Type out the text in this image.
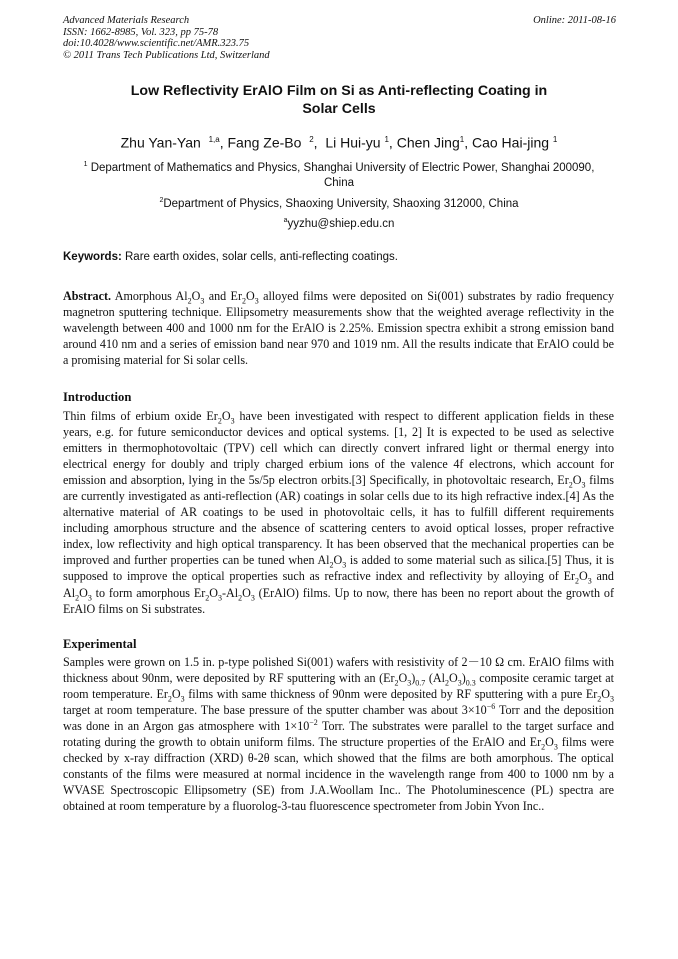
Advanced Materials Research
ISSN: 1662-8985, Vol. 323, pp 75-78
doi:10.4028/www.scientific.net/AMR.323.75
© 2011 Trans Tech Publications Ltd, Switzerland
Online: 2011-08-16
Low Reflectivity ErAlO Film on Si as Anti-reflecting Coating in
Solar Cells
Zhu Yan-Yan $^{1,a}$, Fang Ze-Bo $^2$,  Li Hui-yu $^1$, Chen Jing$^1$, Cao Hai-jing $^1$
$^1$ Department of Mathematics and Physics, Shanghai University of Electric Power, Shanghai 200090, China
$^2$Department of Physics, Shaoxing University, Shaoxing 312000, China
$^a$yyzhu@shiep.edu.cn
Keywords: Rare earth oxides, solar cells, anti-reflecting coatings.
Abstract. Amorphous $Al_2O_3$ and $Er_2O_3$ alloyed films were deposited on Si(001) substrates by radio frequency magnetron sputtering technique. Ellipsometry measurements show that the weighted average reflectivity in the wavelength between 400 and 1000 nm for the ErAlO is 2.25%. Emission spectra exhibit a strong emission band around 410 nm and a series of emission band near 970 and 1019 nm. All the results indicate that ErAlO could be a promising material for Si solar cells.
Introduction
Thin films of erbium oxide $Er_2O_3$ have been investigated with respect to different application fields in these years, e.g. for future semiconductor devices and optical systems. [1, 2] It is expected to be used as selective emitters in thermophotovoltaic (TPV) cell which can directly convert infrared light or thermal energy into electrical energy for doubly and triply charged erbium ions of the valence 4f electrons, which account for emission and absorption, lying in the 5s/5p electron orbits.[3] Specifically, in photovoltaic research, $Er_2O_3$ films are currently investigated as anti-reflection (AR) coatings in solar cells due to its high refractive index.[4] As the alternative material of AR coatings to be used in photovoltaic cells, it has to fulfill different requirements including amorphous structure and the absence of scattering centers to avoid optical losses, proper refractive index, low reflectivity and high optical transparency. It has been observed that the mechanical properties can be improved and further properties can be tuned when $Al_2O_3$ is added to some material such as silica.[5] Thus, it is supposed to improve the optical properties such as refractive index and reflectivity by alloying of $Er_2O_3$ and $Al_2O_3$ to form amorphous $Er_2O_3-Al_2O_3$ (ErAlO) films. Up to now, there has been no report about the growth of ErAlO films on Si substrates.
Experimental
Samples were grown on 1.5 in. p-type polished Si(001) wafers with resistivity of 2－10 Ω cm. ErAlO films with thickness about 90nm, were deposited by RF sputtering with an $(Er_2O_3)_{0.7}$ $(Al_2O_3)_{0.3}$ composite ceramic target at room temperature. $Er_2O_3$ films with same thickness of 90nm were deposited by RF sputtering with a pure $Er_2O_3$ target at room temperature. The base pressure of the sputter chamber was about $3\times 10^{-6}$ Torr and the deposition was done in an Argon gas atmosphere with $1\times 10^{-2}$ Torr. The substrates were parallel to the target surface and rotating during the growth to obtain uniform films. The structure properties of the ErAlO and $Er_2O_3$ films were checked by x-ray diffraction (XRD) θ-2θ scan, which showed that the films are both amorphous. The optical constants of the films were measured at normal incidence in the wavelength range from 400 to 1000 nm by a WVASE Spectroscopic Ellipsometry (SE) from J.A.Woollam Inc.. The Photoluminescence (PL) spectra are obtained at room temperature by a fluorolog-3-tau fluorescence spectrometer from Jobin Yvon Inc..
